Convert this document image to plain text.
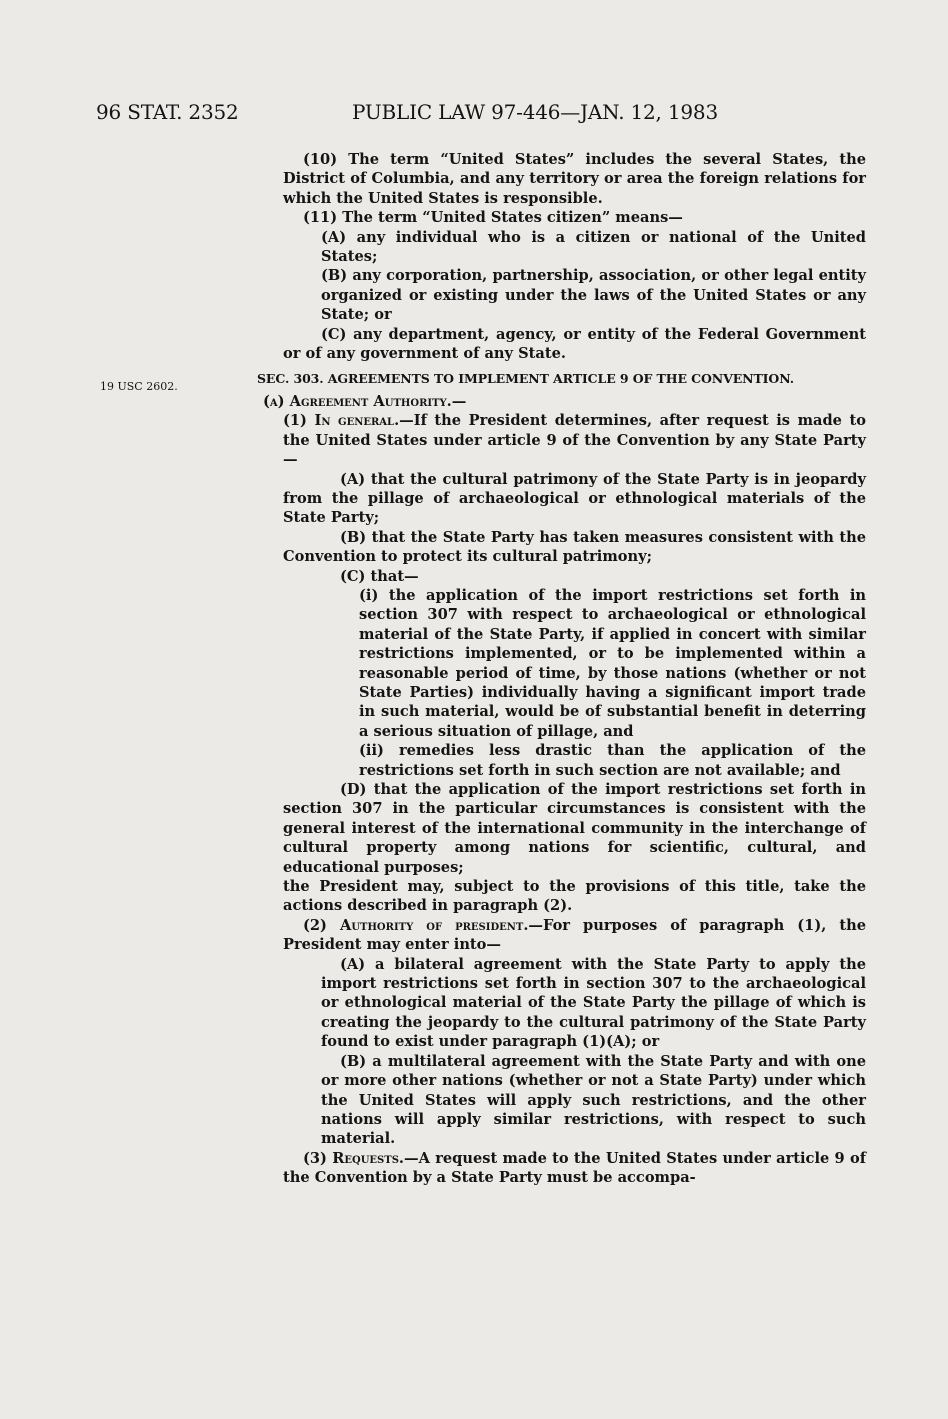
96 STAT. 2352	PUBLIC LAW 97-446—JAN. 12, 1983
19 USC 2602.

(10) The term “United States” includes the several States, the District of Columbia, and any territory or area the foreign relations for which the United States is responsible.

(11) The term “United States citizen” means—

(A) any individual who is a citizen or national of the United States;

(B) any corporation, partnership, association, or other legal entity organized or existing under the laws of the United States or any State; or

(C) any department, agency, or entity of the Federal Government or of any government of any State.

SEC. 303. AGREEMENTS TO IMPLEMENT ARTICLE 9 OF THE CONVENTION.

(a) Agreement Authority.—

(1) In general.—If the President determines, after request is made to the United States under article 9 of the Convention by any State Party—

(A) that the cultural patrimony of the State Party is in jeopardy from the pillage of archaeological or ethnological materials of the State Party;

(B) that the State Party has taken measures consistent with the Convention to protect its cultural patrimony;

(C) that—

(i) the application of the import restrictions set forth in section 307 with respect to archaeological or ethnological material of the State Party, if applied in concert with similar restrictions implemented, or to be implemented within a reasonable period of time, by those nations (whether or not State Parties) individually having a significant import trade in such material, would be of substantial benefit in deterring a serious situation of pillage, and

(ii) remedies less drastic than the application of the restrictions set forth in such section are not available; and

(D) that the application of the import restrictions set forth in section 307 in the particular circumstances is consistent with the general interest of the international community in the interchange of cultural property among nations for scientific, cultural, and educational purposes;

the President may, subject to the provisions of this title, take the actions described in paragraph (2).

(2) Authority of president.—For purposes of paragraph (1), the President may enter into—

(A) a bilateral agreement with the State Party to apply the import restrictions set forth in section 307 to the archaeological or ethnological material of the State Party the pillage of which is creating the jeopardy to the cultural patrimony of the State Party found to exist under paragraph (1)(A); or

(B) a multilateral agreement with the State Party and with one or more other nations (whether or not a State Party) under which the United States will apply such restrictions, and the other nations will apply similar restrictions, with respect to such material.

(3) Requests.—A request made to the United States under article 9 of the Convention by a State Party must be accompa-
